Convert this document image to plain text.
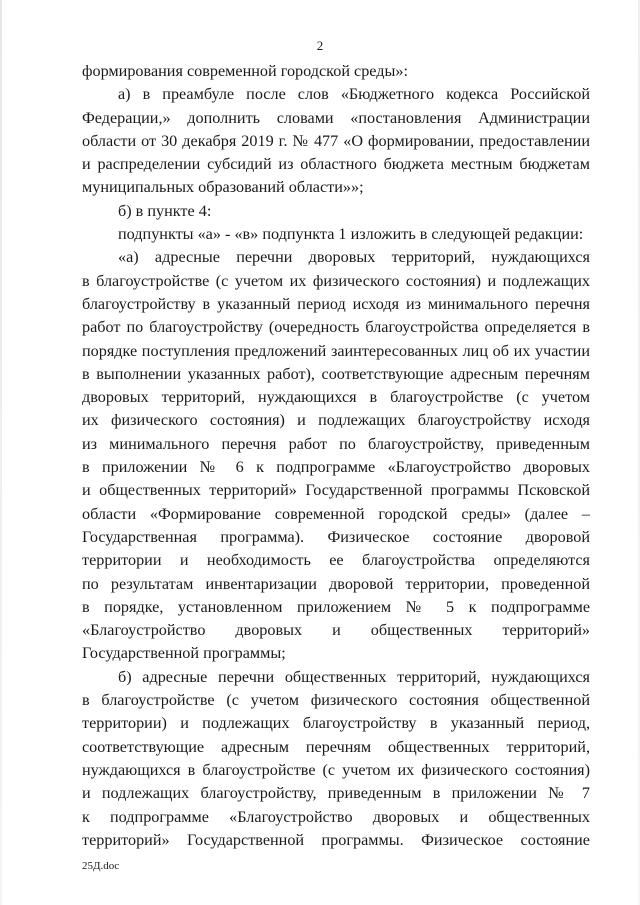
2
формирования современной городской среды»:
а) в преамбуле после слов «Бюджетного кодекса Российской
Федерации,» дополнить словами «постановления Администрации
области от 30 декабря 2019 г. № 477 «О формировании, предоставлении
и распределении субсидий из областного бюджета местным бюджетам
муниципальных образований области»»;
б) в пункте 4:
подпункты «а» - «в» подпункта 1 изложить в следующей редакции:
«а) адресные перечни дворовых территорий, нуждающихся
в благоустройстве (с учетом их физического состояния) и подлежащих
благоустройству в указанный период исходя из минимального перечня
работ по благоустройству (очередность благоустройства определяется в
порядке поступления предложений заинтересованных лиц об их участии
в выполнении указанных работ), соответствующие адресным перечням
дворовых территорий, нуждающихся в благоустройстве (с учетом
их физического состояния) и подлежащих благоустройству исходя
из минимального перечня работ по благоустройству, приведенным
в приложении № 6 к подпрограмме «Благоустройство дворовых
и общественных территорий» Государственной программы Псковской
области «Формирование современной городской среды» (далее –
Государственная программа). Физическое состояние дворовой
территории и необходимость ее благоустройства определяются
по результатам инвентаризации дворовой территории, проведенной
в порядке, установленном приложением № 5 к подпрограмме
«Благоустройство дворовых и общественных территорий»
Государственной программы;
б) адресные перечни общественных территорий, нуждающихся
в благоустройстве (с учетом физического состояния общественной
территории) и подлежащих благоустройству в указанный период,
соответствующие адресным перечням общественных территорий,
нуждающихся в благоустройстве (с учетом их физического состояния)
и подлежащих благоустройству, приведенным в приложении № 7
к подпрограмме «Благоустройство дворовых и общественных
территорий» Государственной программы. Физическое состояние
25Д.doc
